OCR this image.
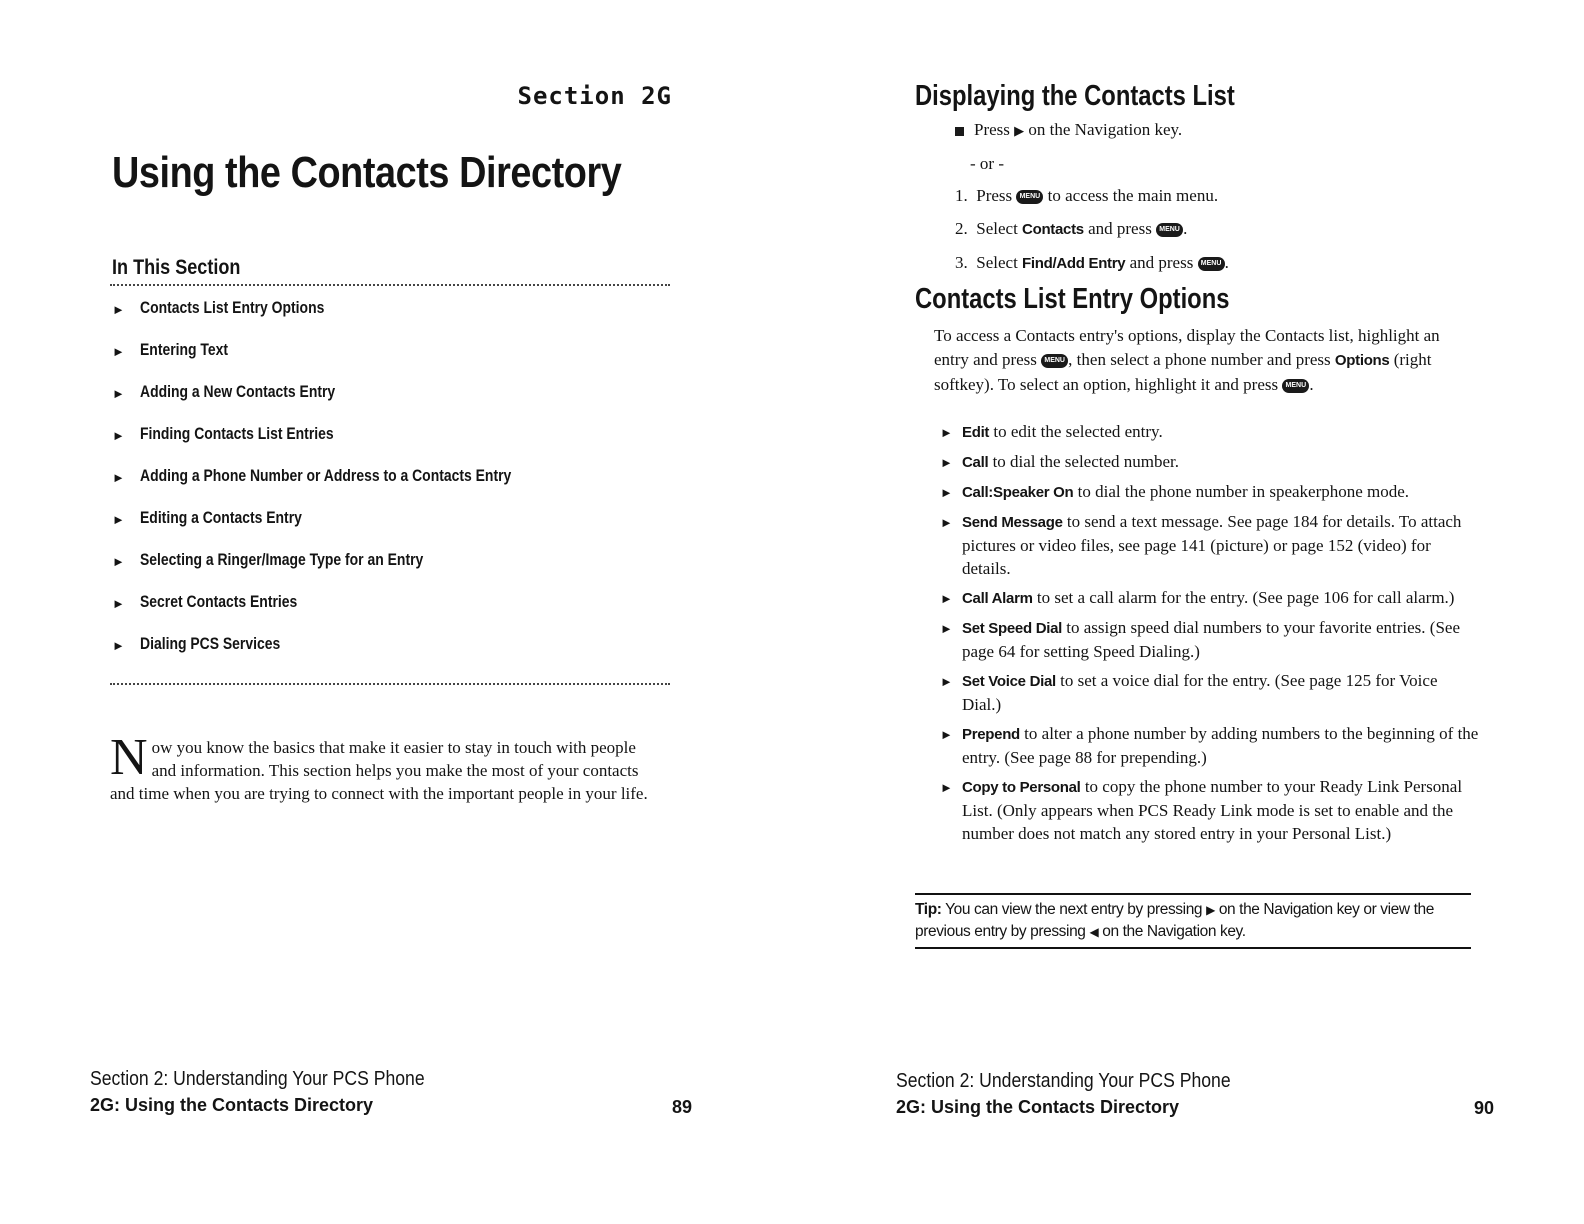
Section 2G
Using the Contacts Directory
In This Section
► Contacts List Entry Options
► Entering Text
► Adding a New Contacts Entry
► Finding Contacts List Entries
► Adding a Phone Number or Address to a Contacts Entry
► Editing a Contacts Entry
► Selecting a Ringer/Image Type for an Entry
► Secret Contacts Entries
► Dialing PCS Services
Now you know the basics that make it easier to stay in touch with people and information. This section helps you make the most of your contacts and time when you are trying to connect with the important people in your life.
Section 2: Understanding Your PCS Phone
2G: Using the Contacts Directory	89
Displaying the Contacts List
Press ▶ on the Navigation key.
- or -
1. Press MENU to access the main menu.
2. Select Contacts and press MENU .
3. Select Find/Add Entry and press MENU .
Contacts List Entry Options
To access a Contacts entry's options, display the Contacts list, highlight an entry and press MENU , then select a phone number and press Options (right softkey). To select an option, highlight it and press MENU .
► Edit to edit the selected entry.
► Call to dial the selected number.
► Call:Speaker On to dial the phone number in speakerphone mode.
► Send Message to send a text message. See page 184 for details. To attach pictures or video files, see page 141 (picture) or page 152 (video) for details.
► Call Alarm to set a call alarm for the entry. (See page 106 for call alarm.)
► Set Speed Dial to assign speed dial numbers to your favorite entries. (See page 64 for setting Speed Dialing.)
► Set Voice Dial to set a voice dial for the entry. (See page 125 for Voice Dial.)
► Prepend to alter a phone number by adding numbers to the beginning of the entry. (See page 88 for prepending.)
► Copy to Personal to copy the phone number to your Ready Link Personal List. (Only appears when PCS Ready Link mode is set to enable and the number does not match any stored entry in your Personal List.)
Tip: You can view the next entry by pressing ▶ on the Navigation key or view the previous entry by pressing ◀ on the Navigation key.
Section 2: Understanding Your PCS Phone
2G: Using the Contacts Directory	90
